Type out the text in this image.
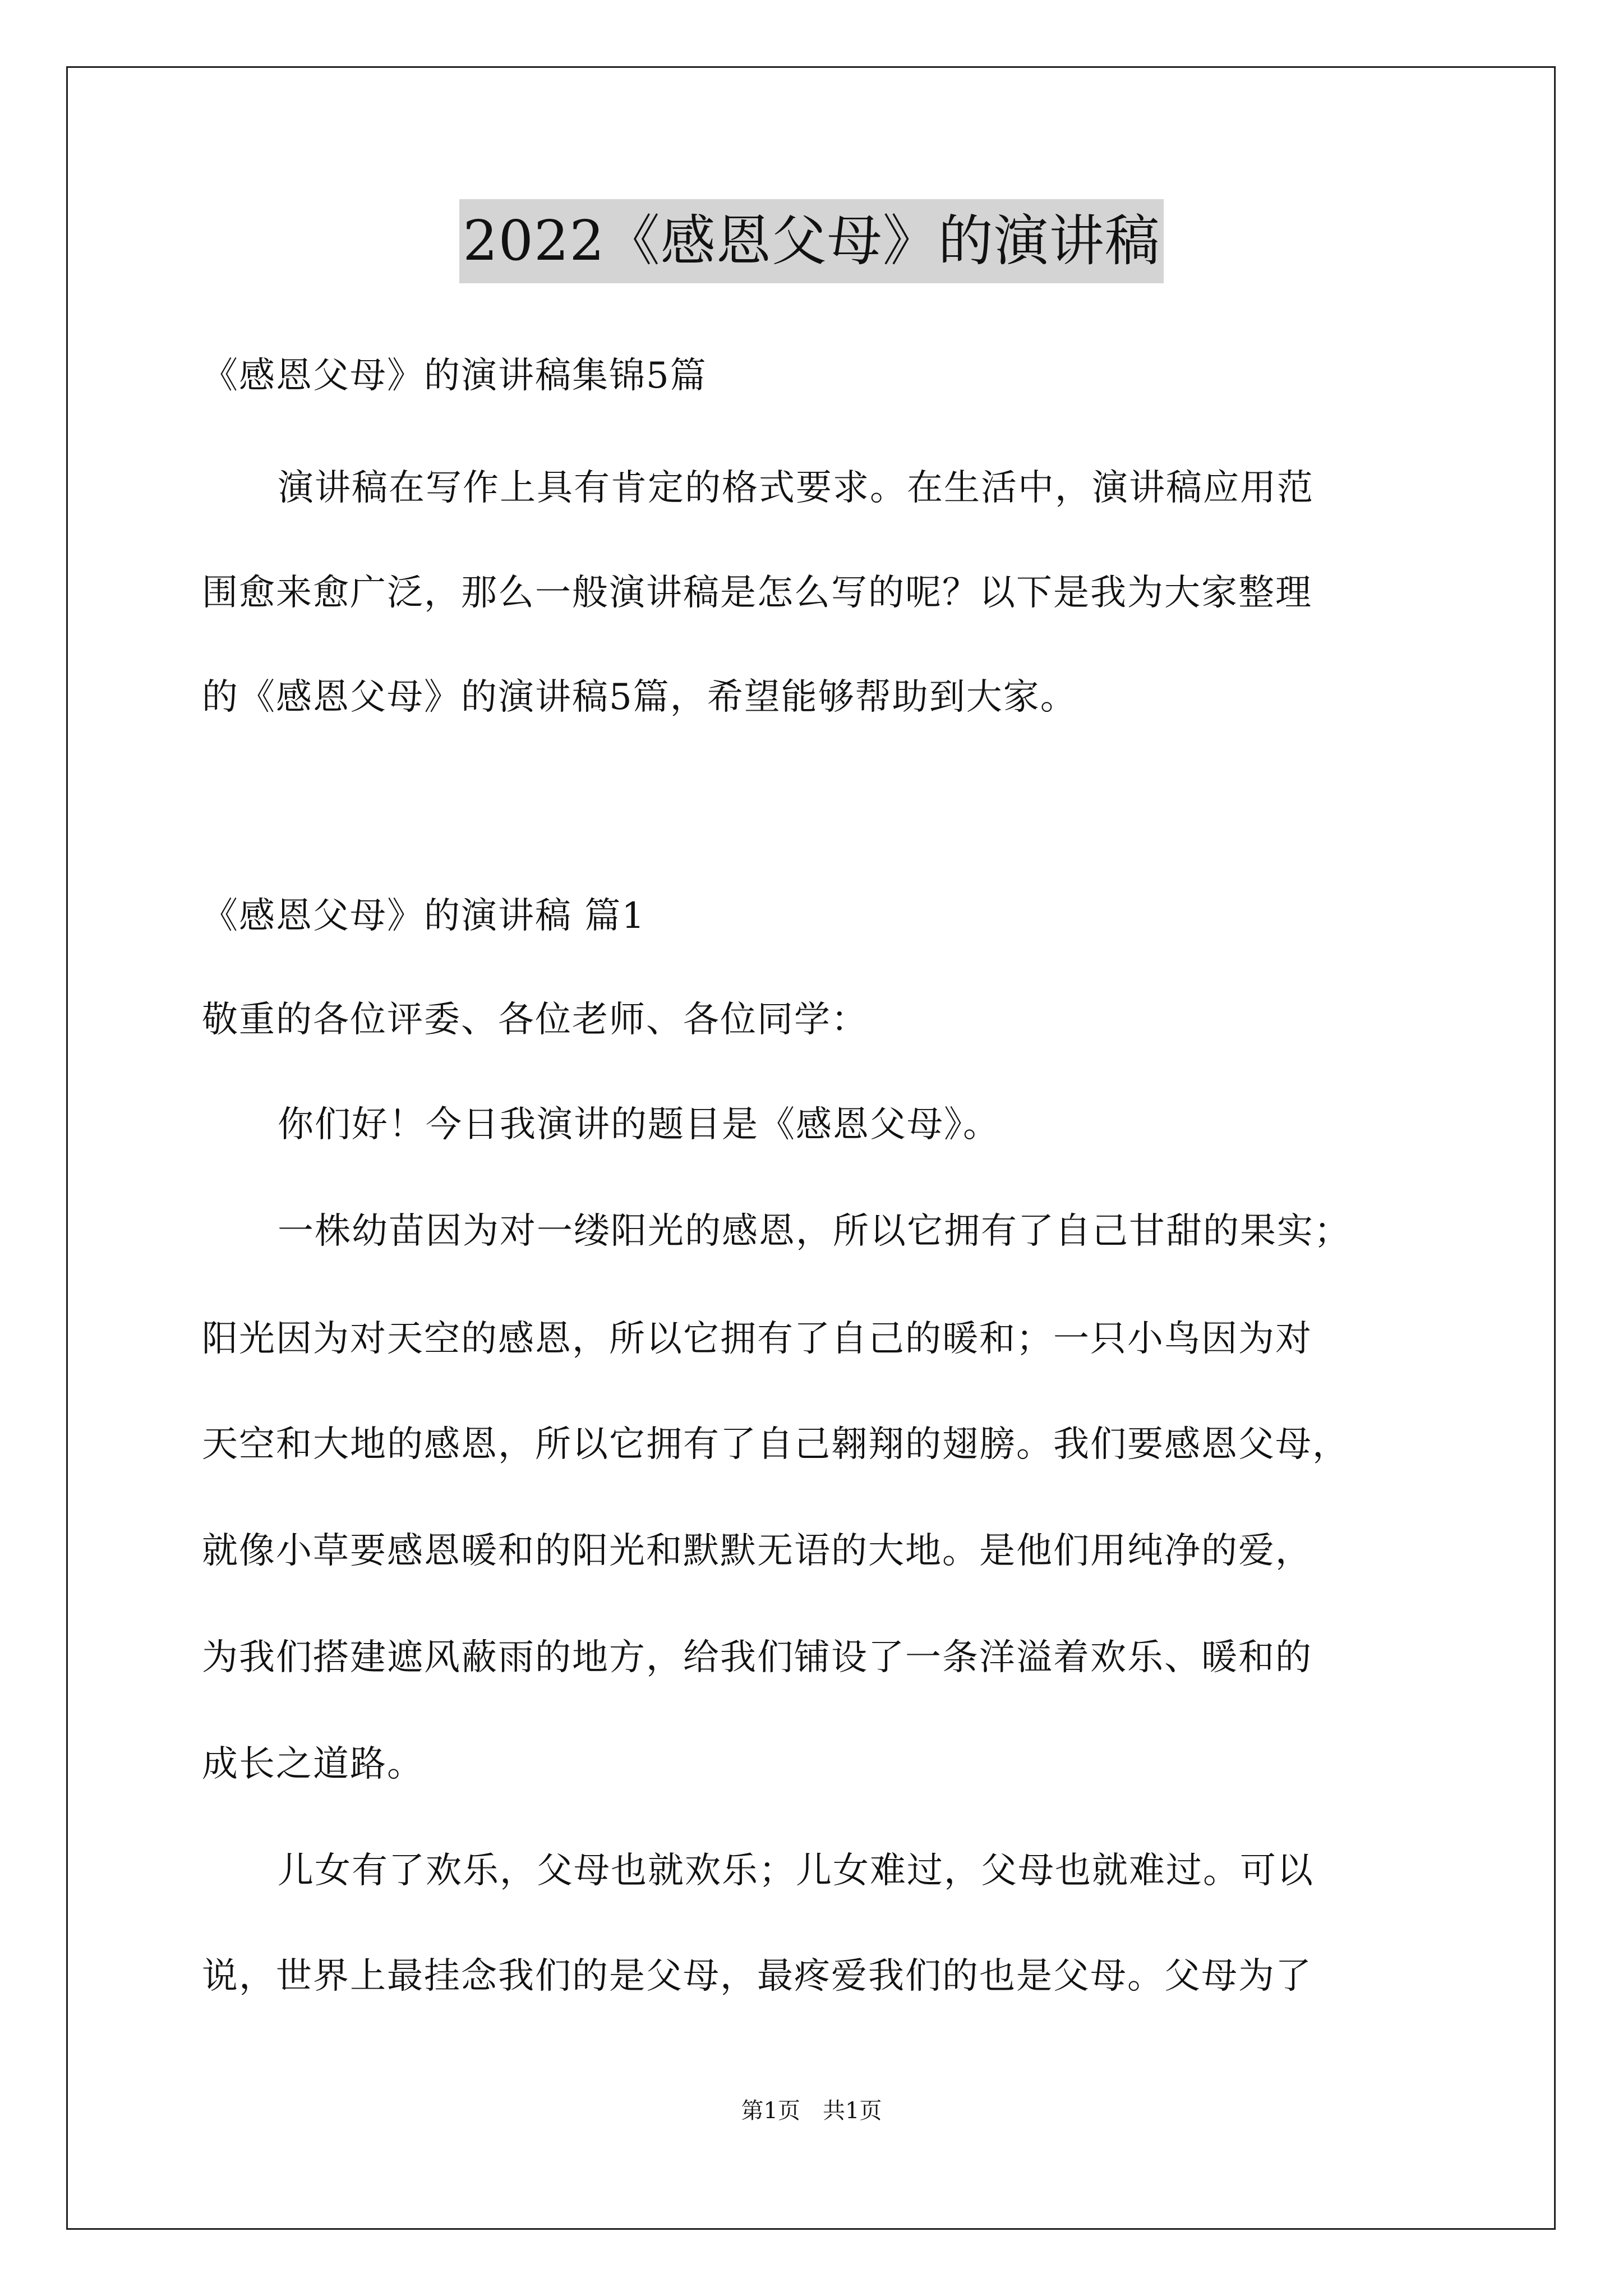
2022《感恩父母》的演讲稿
《感恩父母》的演讲稿集锦5篇
演讲稿在写作上具有肯定的格式要求。在生活中，演讲稿应用范
围愈来愈广泛，那么一般演讲稿是怎么写的呢？以下是我为大家整理
的《感恩父母》的演讲稿5篇，希望能够帮助到大家。
《感恩父母》的演讲稿 篇1
敬重的各位评委、各位老师、各位同学：
你们好！今日我演讲的题目是《感恩父母》。
一株幼苗因为对一缕阳光的感恩，所以它拥有了自己甘甜的果实；
阳光因为对天空的感恩，所以它拥有了自己的暖和；一只小鸟因为对
天空和大地的感恩，所以它拥有了自己翱翔的翅膀。我们要感恩父母，
就像小草要感恩暖和的阳光和默默无语的大地。是他们用纯净的爱，
为我们搭建遮风蔽雨的地方，给我们铺设了一条洋溢着欢乐、暖和的
成长之道路。
儿女有了欢乐，父母也就欢乐；儿女难过，父母也就难过。可以
说，世界上最挂念我们的是父母，最疼爱我们的也是父母。父母为了
第1页　共1页
